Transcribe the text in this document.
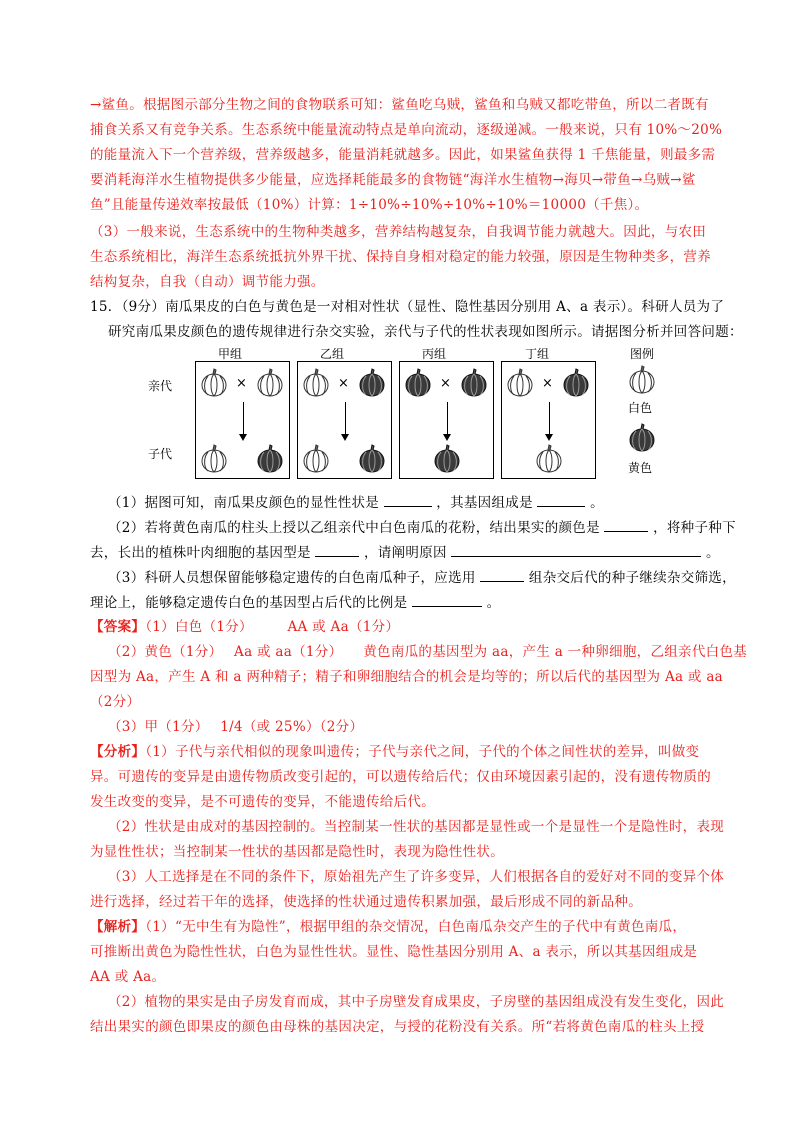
→鲨鱼。根据图示部分生物之间的食物联系可知：鲨鱼吃乌贼，鲨鱼和乌贼又都吃带鱼，所以二者既有
捕食关系又有竞争关系。生态系统中能量流动特点是单向流动，逐级递减。一般来说，只有 10%～20%
的能量流入下一个营养级，营养级越多，能量消耗就越多。因此，如果鲨鱼获得 1 千焦能量，则最多需
要消耗海洋水生植物提供多少能量，应选择耗能最多的食物链“海洋水生植物→海贝→带鱼→乌贼→鲨
鱼”且能量传递效率按最低（10%）计算：1÷10%÷10%÷10%÷10%＝10000（千焦）。
（3）一般来说，生态系统中的生物种类越多，营养结构越复杂，自我调节能力就越大。因此，与农田
生态系统相比，海洋生态系统抵抗外界干扰、保持自身相对稳定的能力较强，原因是生物种类多，营养
结构复杂，自我（自动）调节能力强。
15．（9分）南瓜果皮的白色与黄色是一对相对性状（显性、隐性基因分别用 A、a 表示）。科研人员为了
研究南瓜果皮颜色的遗传规律进行杂交实验，亲代与子代的性状表现如图所示。请据图分析并回答问题：
甲组	乙组	丙组	丁组	图例
亲代
子代
×	×	×	×
白色
黄色
（1）据图可知，南瓜果皮颜色的显性性状是	，其基因组成是	。
（2）若将黄色南瓜的柱头上授以乙组亲代中白色南瓜的花粉，结出果实的颜色是	，将种子种下
去，长出的植株叶肉细胞的基因型是	，请阐明原因	。
（3）科研人员想保留能够稳定遗传的白色南瓜种子，应选用	组杂交后代的种子继续杂交筛选，
理论上，能够稳定遗传白色的基因型占后代的比例是	。
【答案】（1）白色（1分）　　　AA 或 Aa（1分）
（2）黄色（1分）　 Aa 或 aa（1分）　　黄色南瓜的基因型为 aa，产生 a 一种卵细胞，乙组亲代白色基
因型为 Aa，产生 A 和 a 两种精子；精子和卵细胞结合的机会是均等的；所以后代的基因型为 Aa 或 aa
（2分）
（3）甲（1分）　 1/4（或 25%）（2分）
【分析】（1）子代与亲代相似的现象叫遗传；子代与亲代之间，子代的个体之间性状的差异，叫做变
异。可遗传的变异是由遗传物质改变引起的，可以遗传给后代；仅由环境因素引起的，没有遗传物质的
发生改变的变异，是不可遗传的变异，不能遗传给后代。
（2）性状是由成对的基因控制的。当控制某一性状的基因都是显性或一个是显性一个是隐性时，表现
为显性性状；当控制某一性状的基因都是隐性时，表现为隐性性状。
（3）人工选择是在不同的条件下，原始祖先产生了许多变异，人们根据各自的爱好对不同的变异个体
进行选择，经过若干年的选择，使选择的性状通过遗传积累加强，最后形成不同的新品种。
【解析】（1）“无中生有为隐性”，根据甲组的杂交情况，白色南瓜杂交产生的子代中有黄色南瓜，
可推断出黄色为隐性性状，白色为显性性状。显性、隐性基因分别用 A、a 表示，所以其基因组成是
AA 或 Aa。
（2）植物的果实是由子房发育而成，其中子房壁发育成果皮，子房壁的基因组成没有发生变化，因此
结出果实的颜色即果皮的颜色由母株的基因决定，与授的花粉没有关系。所“若将黄色南瓜的柱头上授
